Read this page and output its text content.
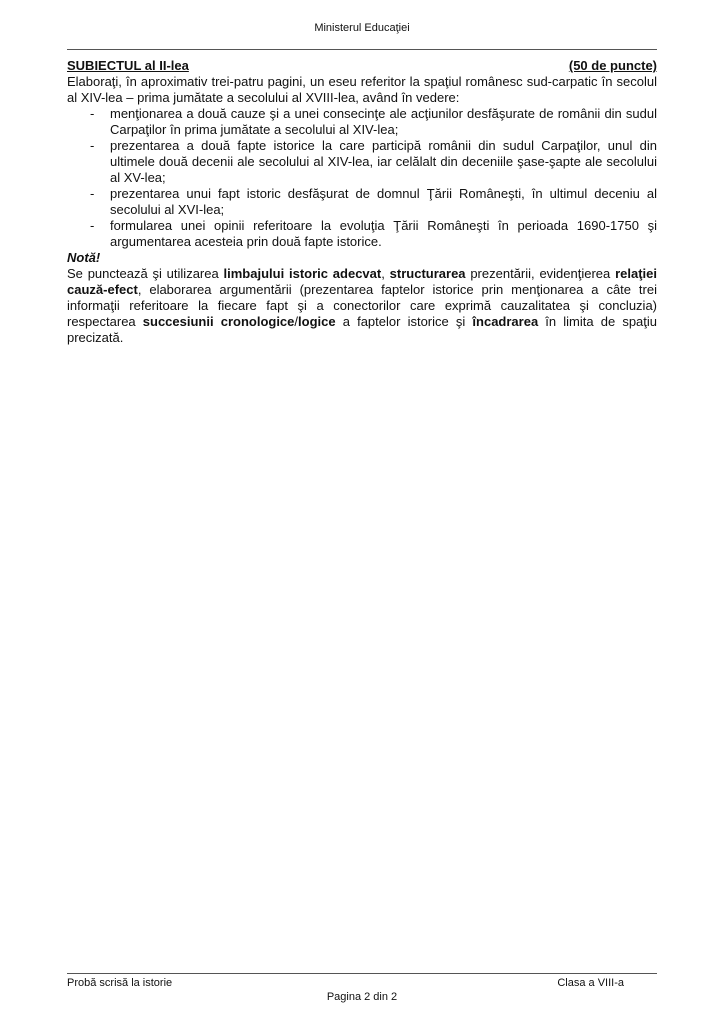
Ministerul Educaţiei
SUBIECTUL al II-lea	(50 de puncte)
Elaboraţi, în aproximativ trei-patru pagini, un eseu referitor la spaţiul românesc sud-carpatic în secolul al XIV-lea – prima jumătate a secolului al XVIII-lea, având în vedere:
-	menţionarea a două cauze şi a unei consecinţe ale acţiunilor desfăşurate de românii din sudul Carpaţilor în prima jumătate a secolului al XIV-lea;
-	prezentarea a două fapte istorice la care participă românii din sudul Carpaţilor, unul din ultimele două decenii ale secolului al XIV-lea, iar celălalt din deceniile şase-şapte ale secolului al XV-lea;
-	prezentarea unui fapt istoric desfăşurat de domnul Ţării Româneşti, în ultimul deceniu al secolului al XVI-lea;
-	formularea unei opinii referitoare la evoluţia Ţării Româneşti în perioada 1690-1750 şi argumentarea acesteia prin două fapte istorice.
Notă!
Se punctează şi utilizarea limbajului istoric adecvat, structurarea prezentării, evidenţierea relaţiei cauză-efect, elaborarea argumentării (prezentarea faptelor istorice prin menţionarea a câte trei informaţii referitoare la fiecare fapt şi a conectorilor care exprimă cauzalitatea şi concluzia) respectarea succesiunii cronologice/logice a faptelor istorice şi încadrarea în limita de spaţiu precizată.
Probă scrisă la istorie	Clasa a VIII-a
Pagina 2 din 2
